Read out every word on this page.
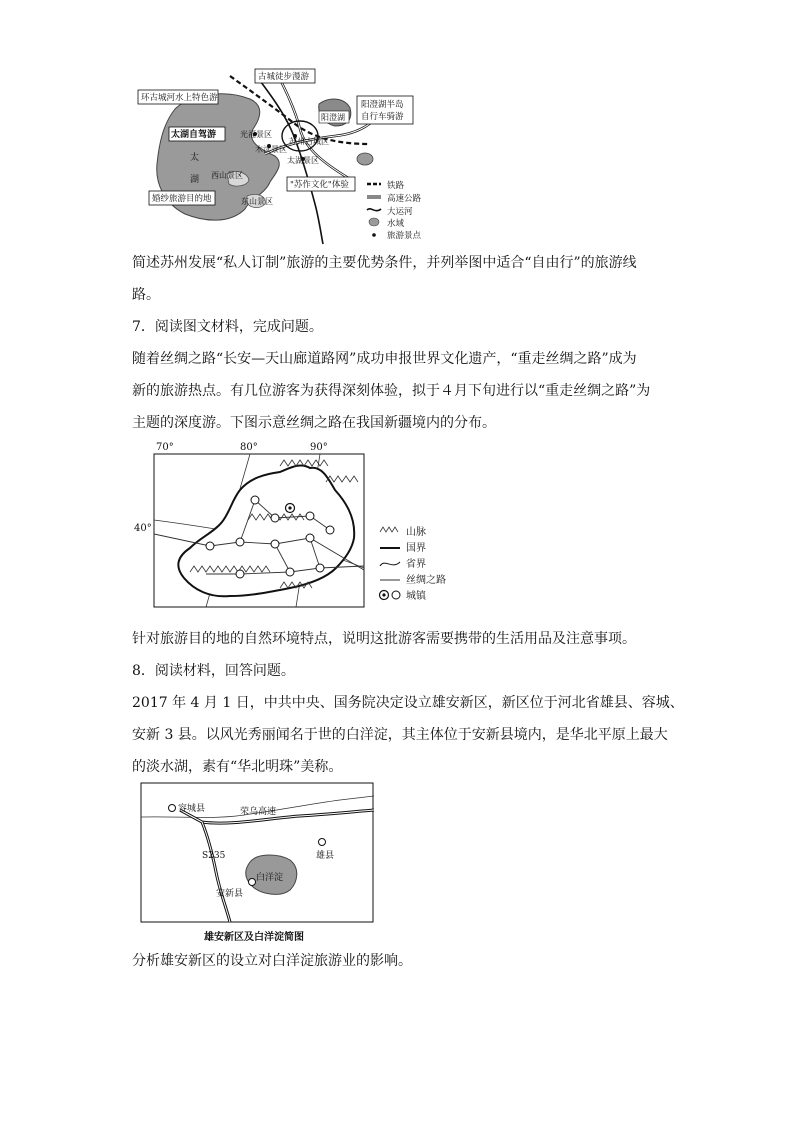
古城徒步漫游
环古城河水上特色游
阳澄湖半岛
自行车骑游
阳澄湖
太湖自驾游	光福景区
木渎景区
苏州古城区
太湖景区
太
湖 西山景区
"苏作文化"体验
婚纱旅游目的地	东山景区
铁路
高速公路
大运河
水域
旅游景点
简述苏州发展“私人订制”旅游的主要优势条件，并列举图中适合“自由行”的旅游线
路。
7．阅读图文材料，完成问题。
随着丝绸之路“长安—天山廊道路网”成功申报世界文化遗产，“重走丝绸之路”成为
新的旅游热点。有几位游客为获得深刻体验，拟于４月下旬进行以“重走丝绸之路”为
主题的深度游。下图示意丝绸之路在我国新疆境内的分布。
70°	80°	90°
40°	山脉
国界
省界
丝绸之路
城镇
针对旅游目的地的自然环境特点，说明这批游客需要携带的生活用品及注意事项。
8．阅读材料，回答问题。
2017 年 4 月 1 日，中共中央、国务院决定设立雄安新区，新区位于河北省雄县、容城、
安新 3 县。以风光秀丽闻名于世的白洋淀，其主体位于安新县境内，是华北平原上最大
的淡水湖，素有“华北明珠”美称。
容城县	荣乌高速
S235	雄县
白洋淀
安新县
雄安新区及白洋淀简图
分析雄安新区的设立对白洋淀旅游业的影响。
